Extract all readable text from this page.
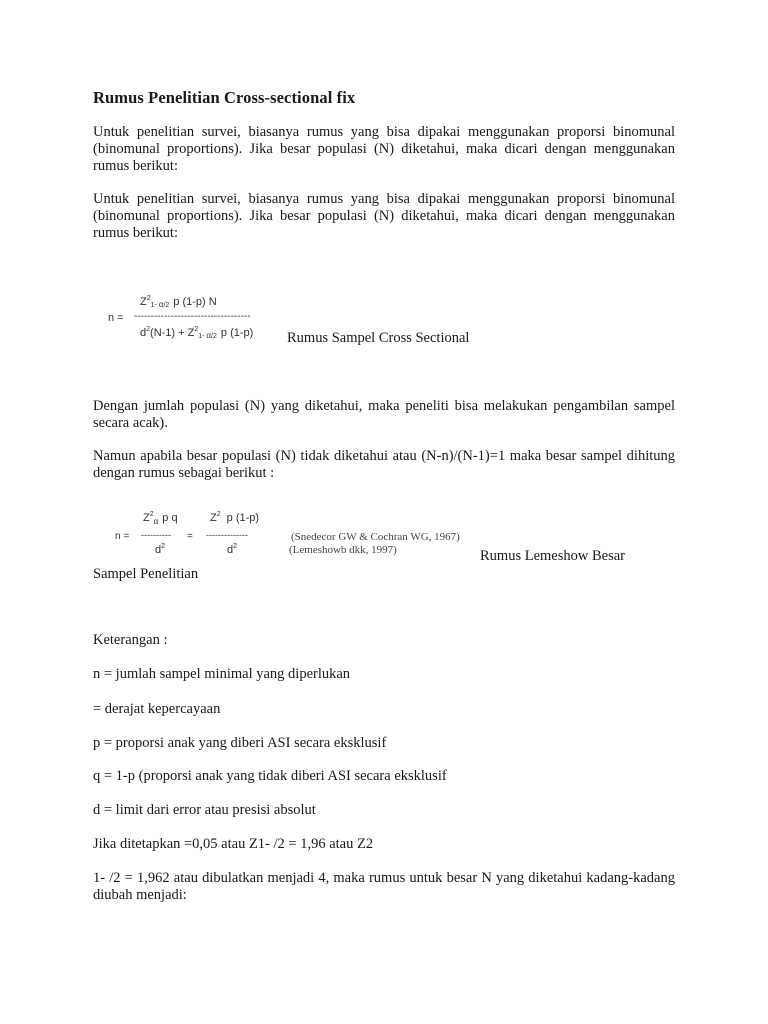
Rumus Penelitian Cross-sectional fix
Untuk penelitian survei, biasanya rumus yang bisa dipakai menggunakan proporsi binomunal (binomunal proportions). Jika besar populasi (N) diketahui, maka dicari dengan menggunakan rumus berikut:
Untuk penelitian survei, biasanya rumus yang bisa dipakai menggunakan proporsi binomunal (binomunal proportions). Jika besar populasi (N) diketahui, maka dicari dengan menggunakan rumus berikut:
$Z^2_{1-}$ α/2 p (1-p) N
n = -----------------------------------
$d^2(N-1) + Z^2_{1-}$ α/2 p (1-p) Rumus Sampel Cross Sectional
Dengan jumlah populasi (N) yang diketahui, maka peneliti bisa melakukan pengambilan sampel secara acak).
Namun apabila besar populasi (N) tidak diketahui atau (N-n)/(N-1)=1 maka besar sampel dihitung dengan rumus sebagai berikut :
$Z^2_\alpha$ p q	$Z^2$ p (1-p)
n = ---------- = --------------
$d^2$	$d^2$
(Snedecor GW & Cochran WG, 1967)
(Lemeshowb dkk, 1997)	Rumus Lemeshow Besar
Sampel Penelitian
Keterangan :
n = jumlah sampel minimal yang diperlukan
= derajat kepercayaan
p = proporsi anak yang diberi ASI secara eksklusif
q = 1-p (proporsi anak yang tidak diberi ASI secara eksklusif
d = limit dari error atau presisi absolut
Jika ditetapkan =0,05 atau Z1- /2 = 1,96 atau Z2
1- /2 = 1,962 atau dibulatkan menjadi 4, maka rumus untuk besar N yang diketahui kadang-kadang diubah menjadi:
